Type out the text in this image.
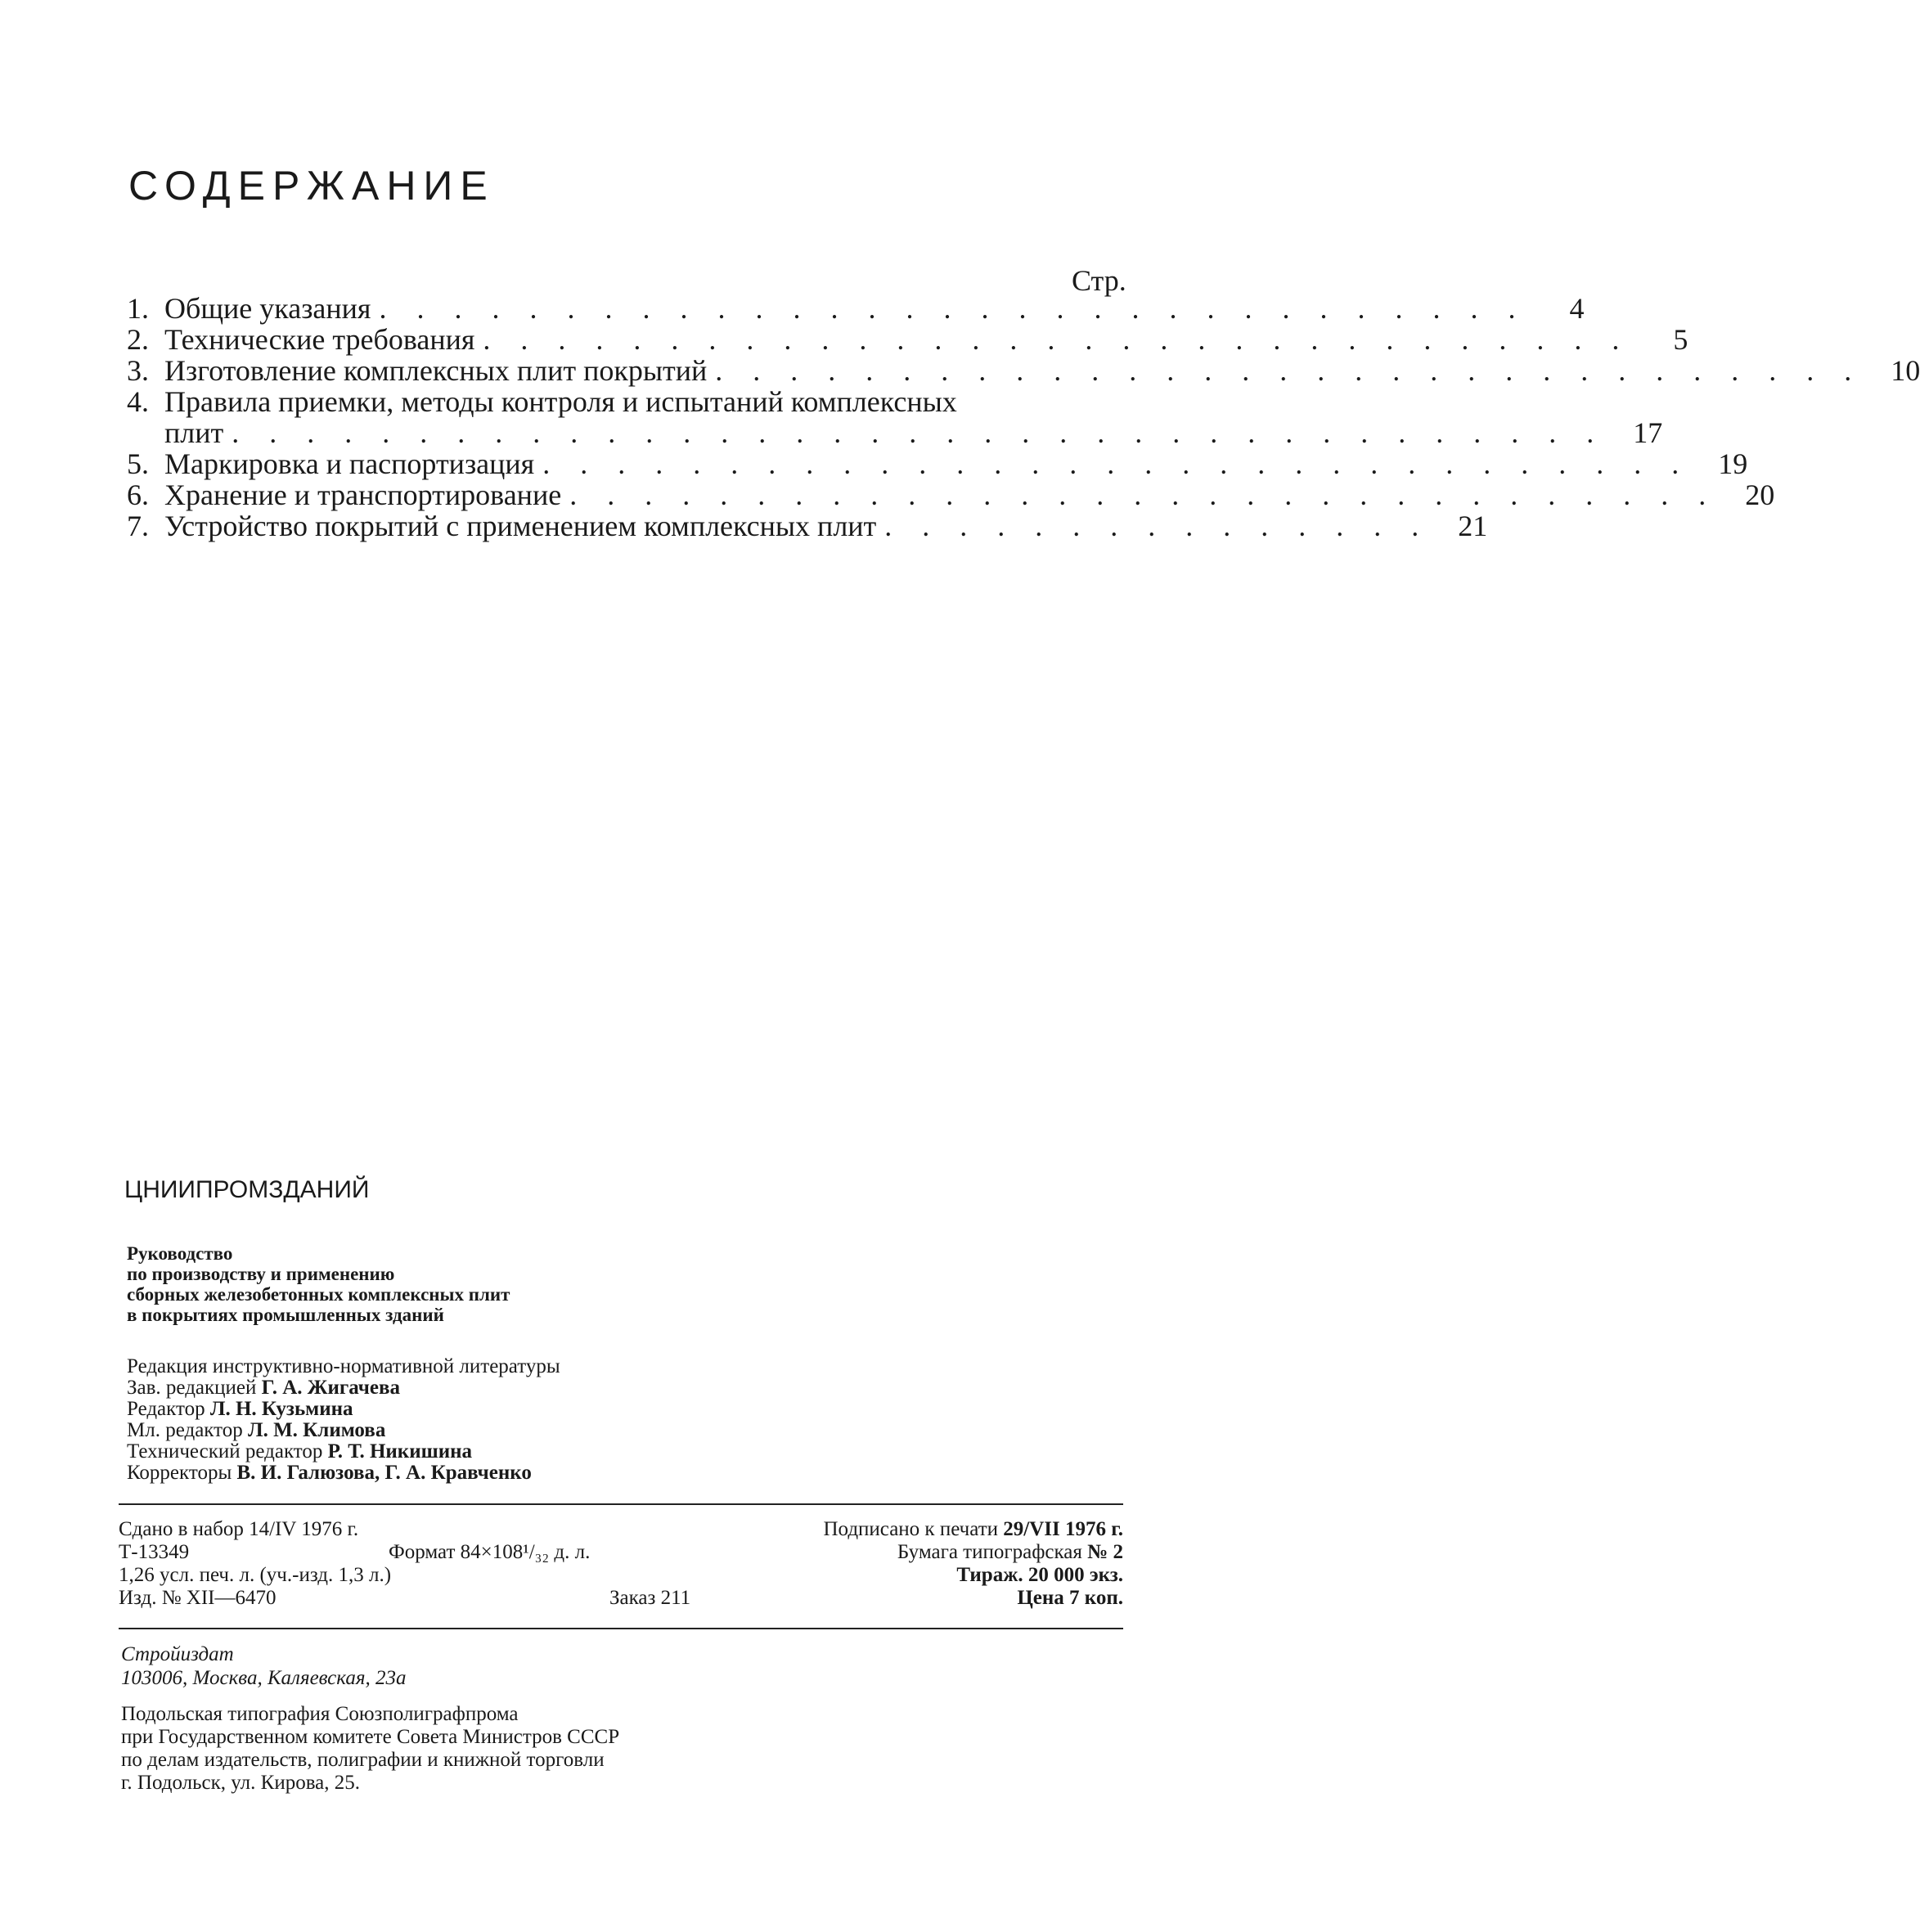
СОДЕРЖАНИЕ
Стр.
1. Общие указания . . . . . . . . . . . . . . . . . . . . . . . . . . . . . . .	4
2. Технические требования . . . . . . . . . . . . . . . . . . . . . . . . . . . . . . .	5
3. Изготовление комплексных плит покрытий . . . . . . . . . . . . . . . . . . . . . . . . . . . . . . . 10
4. Правила приемки, методы контроля и испытаний комплексных
плит . . . . . . . . . . . . . . . . . . . . . . . . . . . . . . . . . . . . . 17
5. Маркировка и паспортизация . . . . . . . . . . . . . . . . . . . . . . . . . . . . . . . 19
6. Хранение и транспортирование . . . . . . . . . . . . . . . . . . . . . . . . . . . . . . . 20
7. Устройство покрытий с применением комплексных плит . . . . . . . . . . . . . . . 21
ЦНИИПРОМЗДАНИЙ
Руководство
по производству и применению
сборных железобетонных комплексных плит
в покрытиях промышленных зданий
Редакция инструктивно-нормативной литературы
Зав. редакцией Г. А. Жигачева
Редактор Л. Н. Кузьмина
Мл. редактор Л. М. Климова
Технический редактор Р. Т. Никишина
Корректоры В. И. Галюзова, Г. А. Кравченко
Сдано в набор 14/IV 1976 г.	Подписано к печати 29/VII 1976 г.
Т-13349	Формат 84×108¹/₃₂ д. л.	Бумага типографская № 2
1,26 усл. печ. л. (уч.-изд. 1,3 л.)	Тираж. 20 000 экз.
Изд. № XII—6470	Заказ 211	Цена 7 коп.
Стройиздат
103006, Москва, Каляевская, 23а
Подольская типография Союзполиграфпрома
при Государственном комитете Совета Министров СССР
по делам издательств, полиграфии и книжной торговли
г. Подольск, ул. Кирова, 25.
